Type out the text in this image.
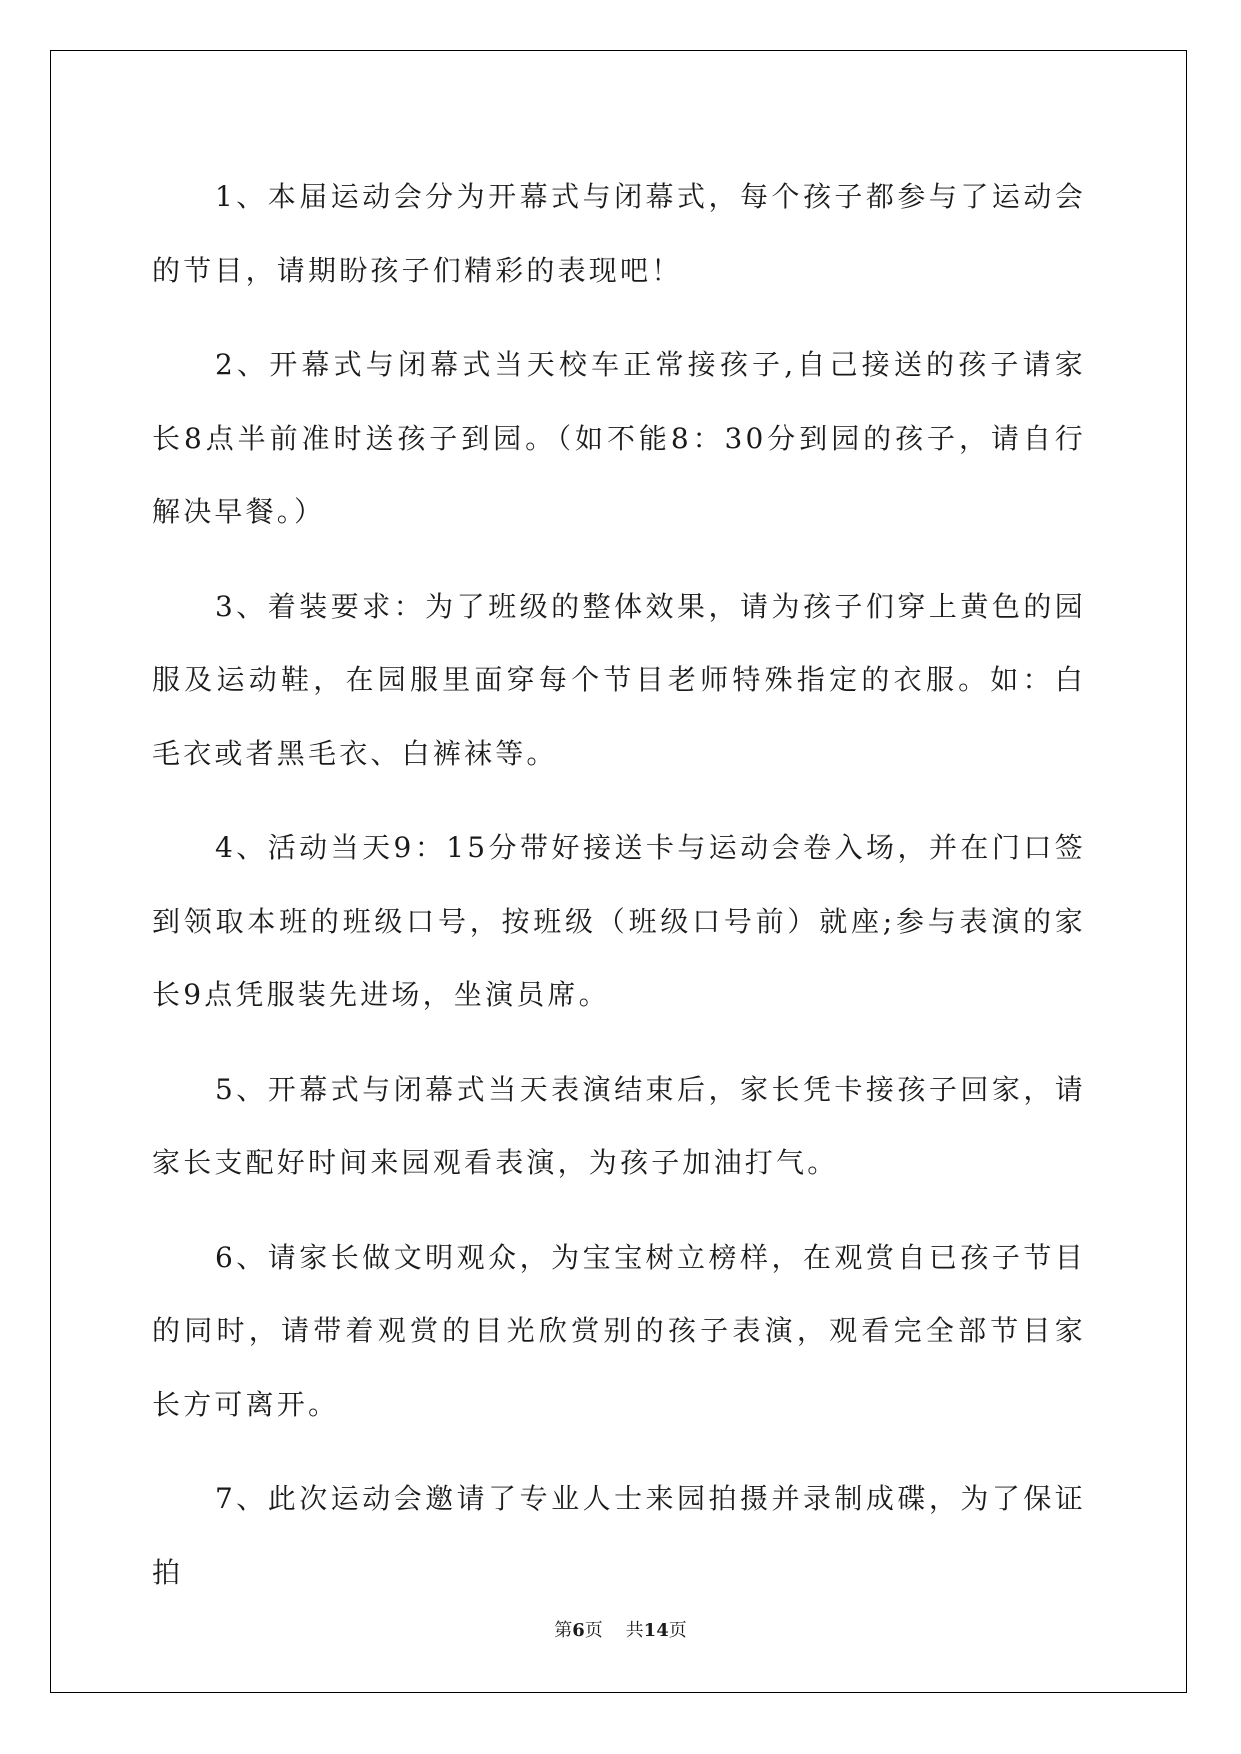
1、本届运动会分为开幕式与闭幕式，每个孩子都参与了运动会的节目，请期盼孩子们精彩的表现吧！

2、开幕式与闭幕式当天校车正常接孩子,自己接送的孩子请家长8点半前准时送孩子到园。（如不能8：30分到园的孩子，请自行解决早餐。）

3、着装要求：为了班级的整体效果，请为孩子们穿上黄色的园服及运动鞋，在园服里面穿每个节目老师特殊指定的衣服。如：白毛衣或者黑毛衣、白裤袜等。

4、活动当天9：15分带好接送卡与运动会卷入场，并在门口签到领取本班的班级口号，按班级（班级口号前）就座;参与表演的家长9点凭服装先进场，坐演员席。

5、开幕式与闭幕式当天表演结束后，家长凭卡接孩子回家，请家长支配好时间来园观看表演，为孩子加油打气。

6、请家长做文明观众，为宝宝树立榜样，在观赏自已孩子节目的同时，请带着观赏的目光欣赏别的孩子表演，观看完全部节目家长方可离开。

7、此次运动会邀请了专业人士来园拍摄并录制成碟，为了保证拍

第6页 共14页
